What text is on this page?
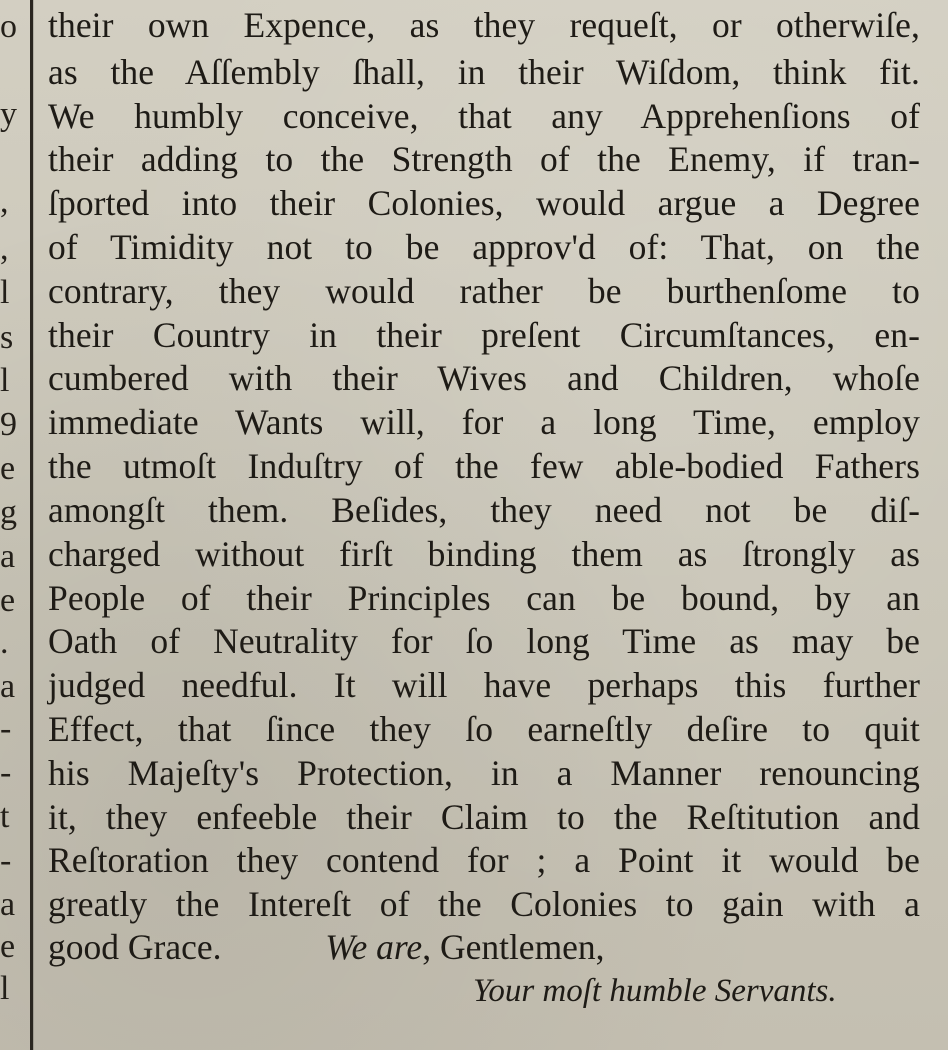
o
y
,
,
l
s
l
9
e
g
a
e
.
a
-
-
t
-
a
e
l
their own Expence, as they requeſt, or otherwiſe,
as the Aſſembly ſhall, in their Wiſdom, think fit.
We humbly conceive, that any Apprehenſions of
their adding to the Strength of the Enemy, if tran-
ſported into their Colonies, would argue a Degree
of Timidity not to be approv'd of: That, on the
contrary, they would rather be burthenſome to
their Country in their preſent Circumſtances, en-
cumbered with their Wives and Children, whoſe
immediate Wants will, for a long Time, employ
the utmoſt Induſtry of the few able-bodied Fathers
amongſt them. Beſides, they need not be diſ-
charged without firſt binding them as ſtrongly as
People of their Principles can be bound, by an
Oath of Neutrality for ſo long Time as may be
judged needful. It will have perhaps this further
Effect, that ſince they ſo earneſtly deſire to quit
his Majeſty's Protection, in a Manner renouncing
it, they enfeeble their Claim to the Reſtitution and
Reſtoration they contend for ; a Point it would be
greatly the Intereſt of the Colonies to gain with a
good Grace.	We are, Gentlemen,
Your moſt humble Servants.
